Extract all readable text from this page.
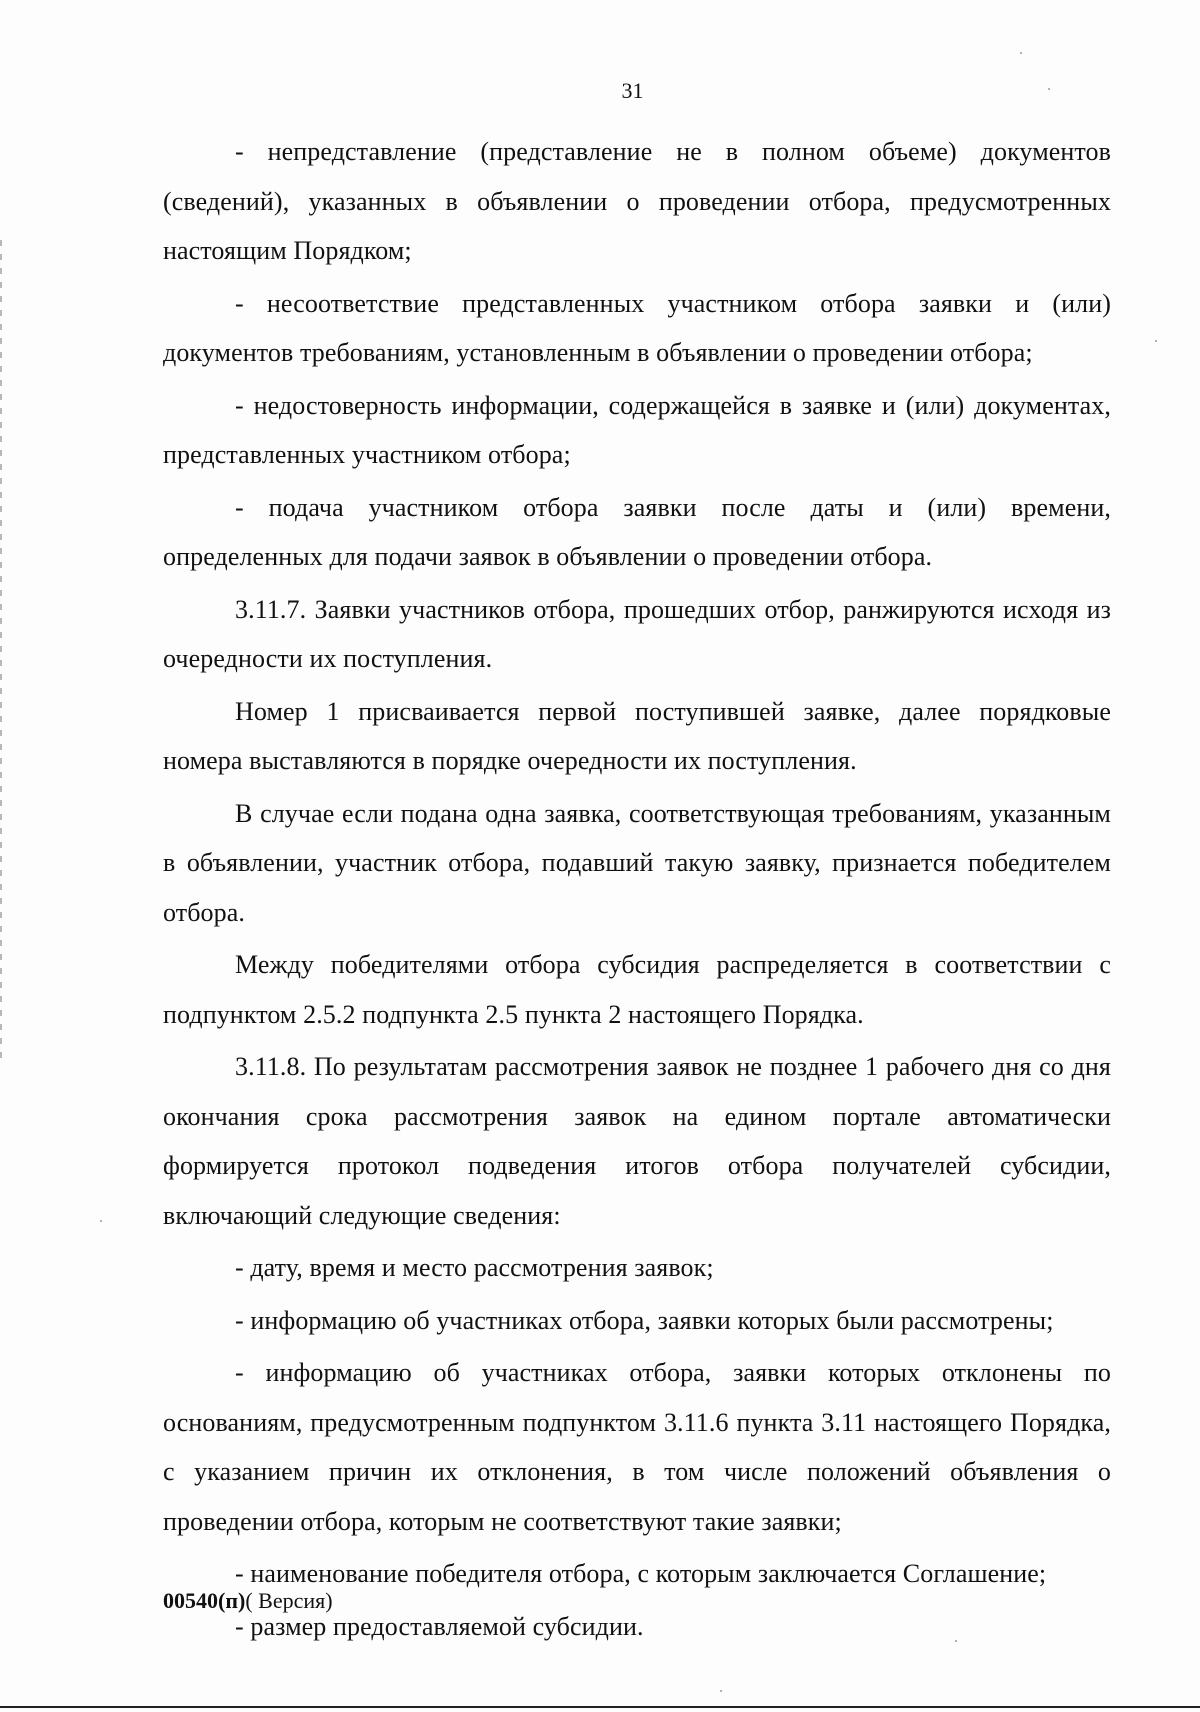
31

- непредставление (представление не в полном объеме) документов (сведений), указанных в объявлении о проведении отбора, предусмотренных настоящим Порядком;

- несоответствие представленных участником отбора заявки и (или) документов требованиям, установленным в объявлении о проведении отбора;

- недостоверность информации, содержащейся в заявке и (или) документах, представленных участником отбора;

- подача участником отбора заявки после даты и (или) времени, определенных для подачи заявок в объявлении о проведении отбора.

3.11.7. Заявки участников отбора, прошедших отбор, ранжируются исходя из очередности их поступления.

Номер 1 присваивается первой поступившей заявке, далее порядковые номера выставляются в порядке очередности их поступления.

В случае если подана одна заявка, соответствующая требованиям, указанным в объявлении, участник отбора, подавший такую заявку, признается победителем отбора.

Между победителями отбора субсидия распределяется в соответствии с подпунктом 2.5.2 подпункта 2.5 пункта 2 настоящего Порядка.

3.11.8. По результатам рассмотрения заявок не позднее 1 рабочего дня со дня окончания срока рассмотрения заявок на едином портале автоматически формируется протокол подведения итогов отбора получателей субсидии, включающий следующие сведения:

- дату, время и место рассмотрения заявок;

- информацию об участниках отбора, заявки которых были рассмотрены;

- информацию об участниках отбора, заявки которых отклонены по основаниям, предусмотренным подпунктом 3.11.6 пункта 3.11 настоящего Порядка, с указанием причин их отклонения, в том числе положений объявления о проведении отбора, которым не соответствуют такие заявки;

- наименование победителя отбора, с которым заключается Соглашение;

- размер предоставляемой субсидии.

00540(п)( Версия)
